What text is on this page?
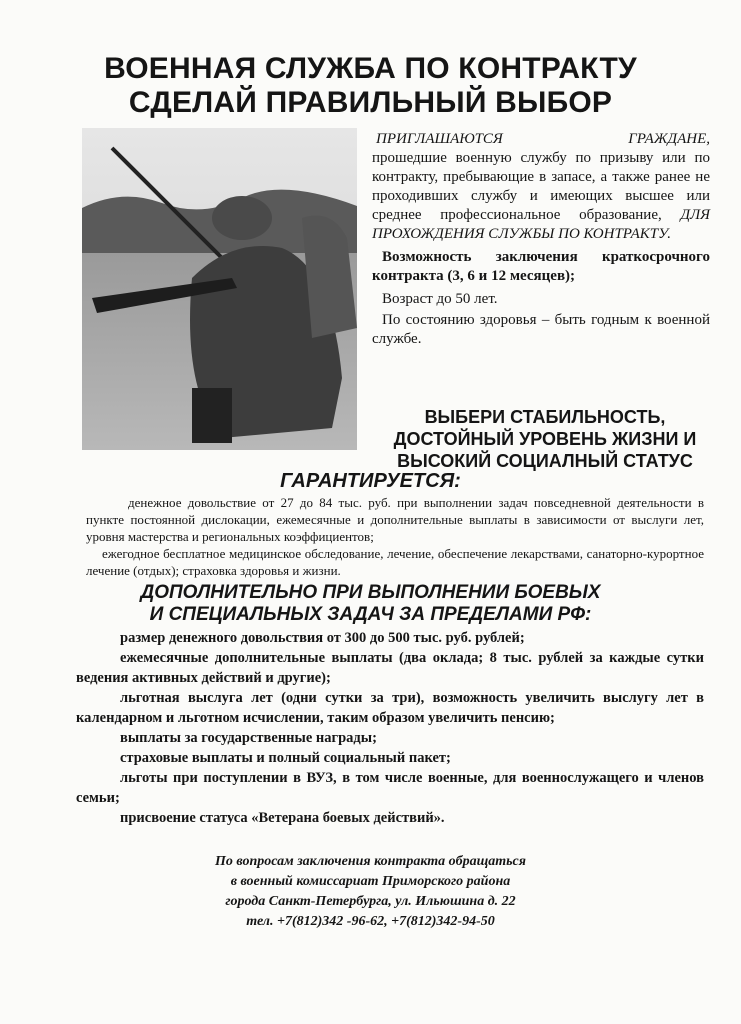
ВОЕННАЯ СЛУЖБА ПО КОНТРАКТУ
СДЕЛАЙ ПРАВИЛЬНЫЙ ВЫБОР
ПРИГЛАШАЮТСЯ ГРАЖДАНЕ,
прошедшие военную службу по призыву или по контракту, пребывающие в запасе, а также ранее не проходивших службу и имеющих высшее или среднее профессиональное образование, ДЛЯ ПРОХОЖДЕНИЯ СЛУЖБЫ ПО КОНТРАКТУ.
Возможность заключения краткосрочного контракта (3, 6 и 12 месяцев);
Возраст до 50 лет.
По состоянию здоровья – быть годным к военной службе.
ВЫБЕРИ СТАБИЛЬНОСТЬ,
ДОСТОЙНЫЙ УРОВЕНЬ ЖИЗНИ И
ВЫСОКИЙ СОЦИАЛНЫЙ СТАТУС
ГАРАНТИРУЕТСЯ:

денежное довольствие от 27 до 84 тыс. руб. при выполнении задач повседневной деятельности в пункте постоянной дислокации, ежемесячные и дополнительные выплаты в зависимости от выслуги лет, уровня мастерства и региональных коэффициентов;

ежегодное бесплатное медицинское обследование, лечение, обеспечение лекарствами, санаторно-курортное лечение (отдых); страховка здоровья и жизни.

ДОПОЛНИТЕЛЬНО ПРИ ВЫПОЛНЕНИИ БОЕВЫХ
И СПЕЦИАЛЬНЫХ ЗАДАЧ ЗА ПРЕДЕЛАМИ РФ:

размер денежного довольствия от 300 до 500 тыс. руб. рублей;

ежемесячные дополнительные выплаты (два оклада; 8 тыс. рублей за каждые сутки ведения активных действий и другие);

льготная выслуга лет (одни сутки за три), возможность увеличить выслугу лет в календарном и льготном исчислении, таким образом увеличить пенсию;

выплаты за государственные награды;

страховые выплаты и полный социальный пакет;

льготы при поступлении в ВУЗ, в том числе военные, для военнослужащего и членов семьи;

присвоение статуса «Ветерана боевых действий».

По вопросам заключения контракта обращаться
в военный комиссариат Приморского района
города Санкт-Петербурга, ул. Ильюшина д. 22
тел. +7(812)342 -96-62, +7(812)342-94-50
